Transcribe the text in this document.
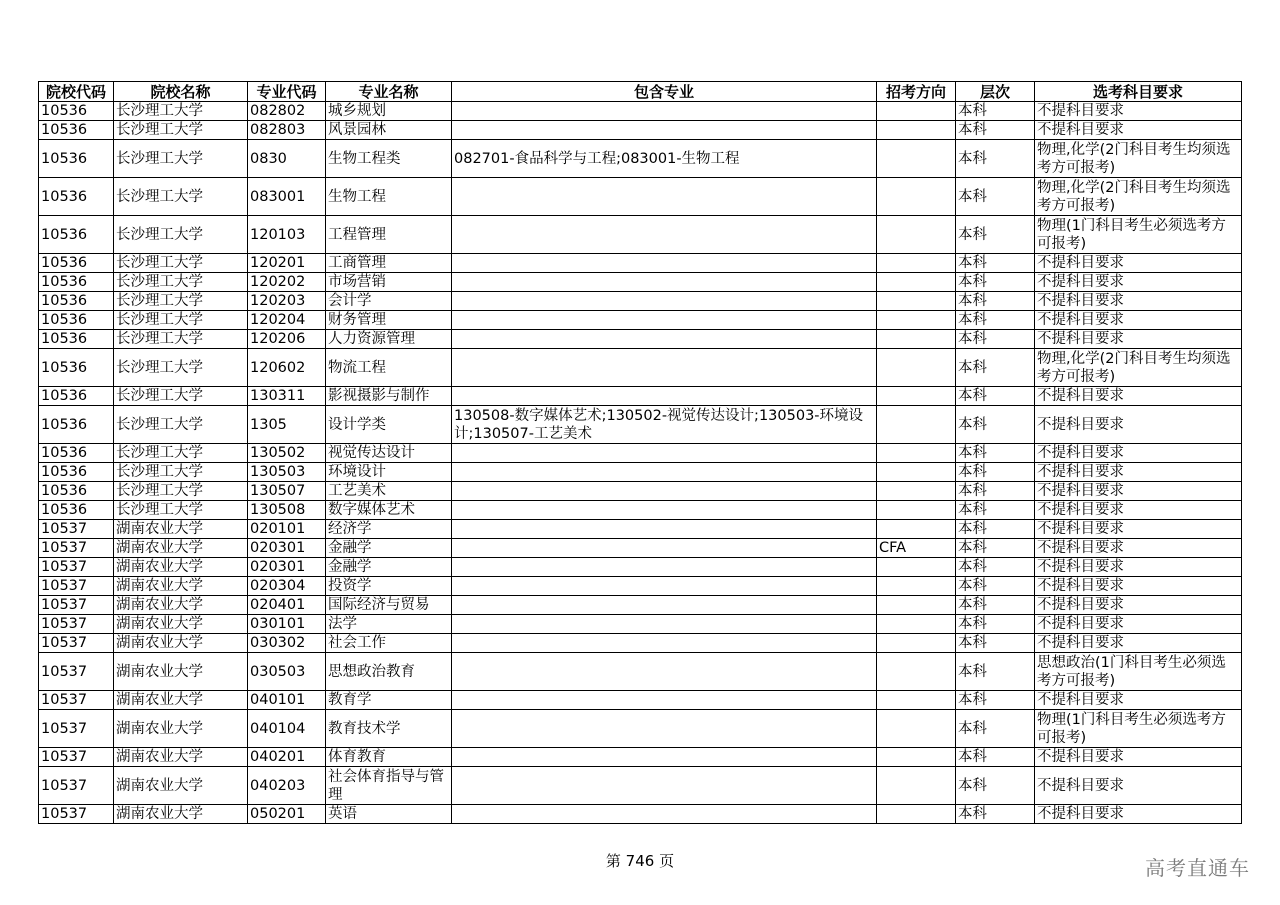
院校代码	院校名称	专业代码	专业名称	包含专业	招考方向	层次	选考科目要求
10536	长沙理工大学	082802	城乡规划			本科	不提科目要求
10536	长沙理工大学	082803	风景园林			本科	不提科目要求
10536	长沙理工大学	0830	生物工程类	082701-食品科学与工程;083001-生物工程		本科	物理,化学(2门科目考生均须选考方可报考)
10536	长沙理工大学	083001	生物工程			本科	物理,化学(2门科目考生均须选考方可报考)
10536	长沙理工大学	120103	工程管理			本科	物理(1门科目考生必须选考方可报考)
10536	长沙理工大学	120201	工商管理			本科	不提科目要求
10536	长沙理工大学	120202	市场营销			本科	不提科目要求
10536	长沙理工大学	120203	会计学			本科	不提科目要求
10536	长沙理工大学	120204	财务管理			本科	不提科目要求
10536	长沙理工大学	120206	人力资源管理			本科	不提科目要求
10536	长沙理工大学	120602	物流工程			本科	物理,化学(2门科目考生均须选考方可报考)
10536	长沙理工大学	130311	影视摄影与制作			本科	不提科目要求
10536	长沙理工大学	1305	设计学类	130508-数字媒体艺术;130502-视觉传达设计;130503-环境设计;130507-工艺美术		本科	不提科目要求
10536	长沙理工大学	130502	视觉传达设计			本科	不提科目要求
10536	长沙理工大学	130503	环境设计			本科	不提科目要求
10536	长沙理工大学	130507	工艺美术			本科	不提科目要求
10536	长沙理工大学	130508	数字媒体艺术			本科	不提科目要求
10537	湖南农业大学	020101	经济学			本科	不提科目要求
10537	湖南农业大学	020301	金融学		CFA	本科	不提科目要求
10537	湖南农业大学	020301	金融学			本科	不提科目要求
10537	湖南农业大学	020304	投资学			本科	不提科目要求
10537	湖南农业大学	020401	国际经济与贸易			本科	不提科目要求
10537	湖南农业大学	030101	法学			本科	不提科目要求
10537	湖南农业大学	030302	社会工作			本科	不提科目要求
10537	湖南农业大学	030503	思想政治教育			本科	思想政治(1门科目考生必须选考方可报考)
10537	湖南农业大学	040101	教育学			本科	不提科目要求
10537	湖南农业大学	040104	教育技术学			本科	物理(1门科目考生必须选考方可报考)
10537	湖南农业大学	040201	体育教育			本科	不提科目要求
10537	湖南农业大学	040203	社会体育指导与管理			本科	不提科目要求
10537	湖南农业大学	050201	英语			本科	不提科目要求
第 746 页	高考直通车
